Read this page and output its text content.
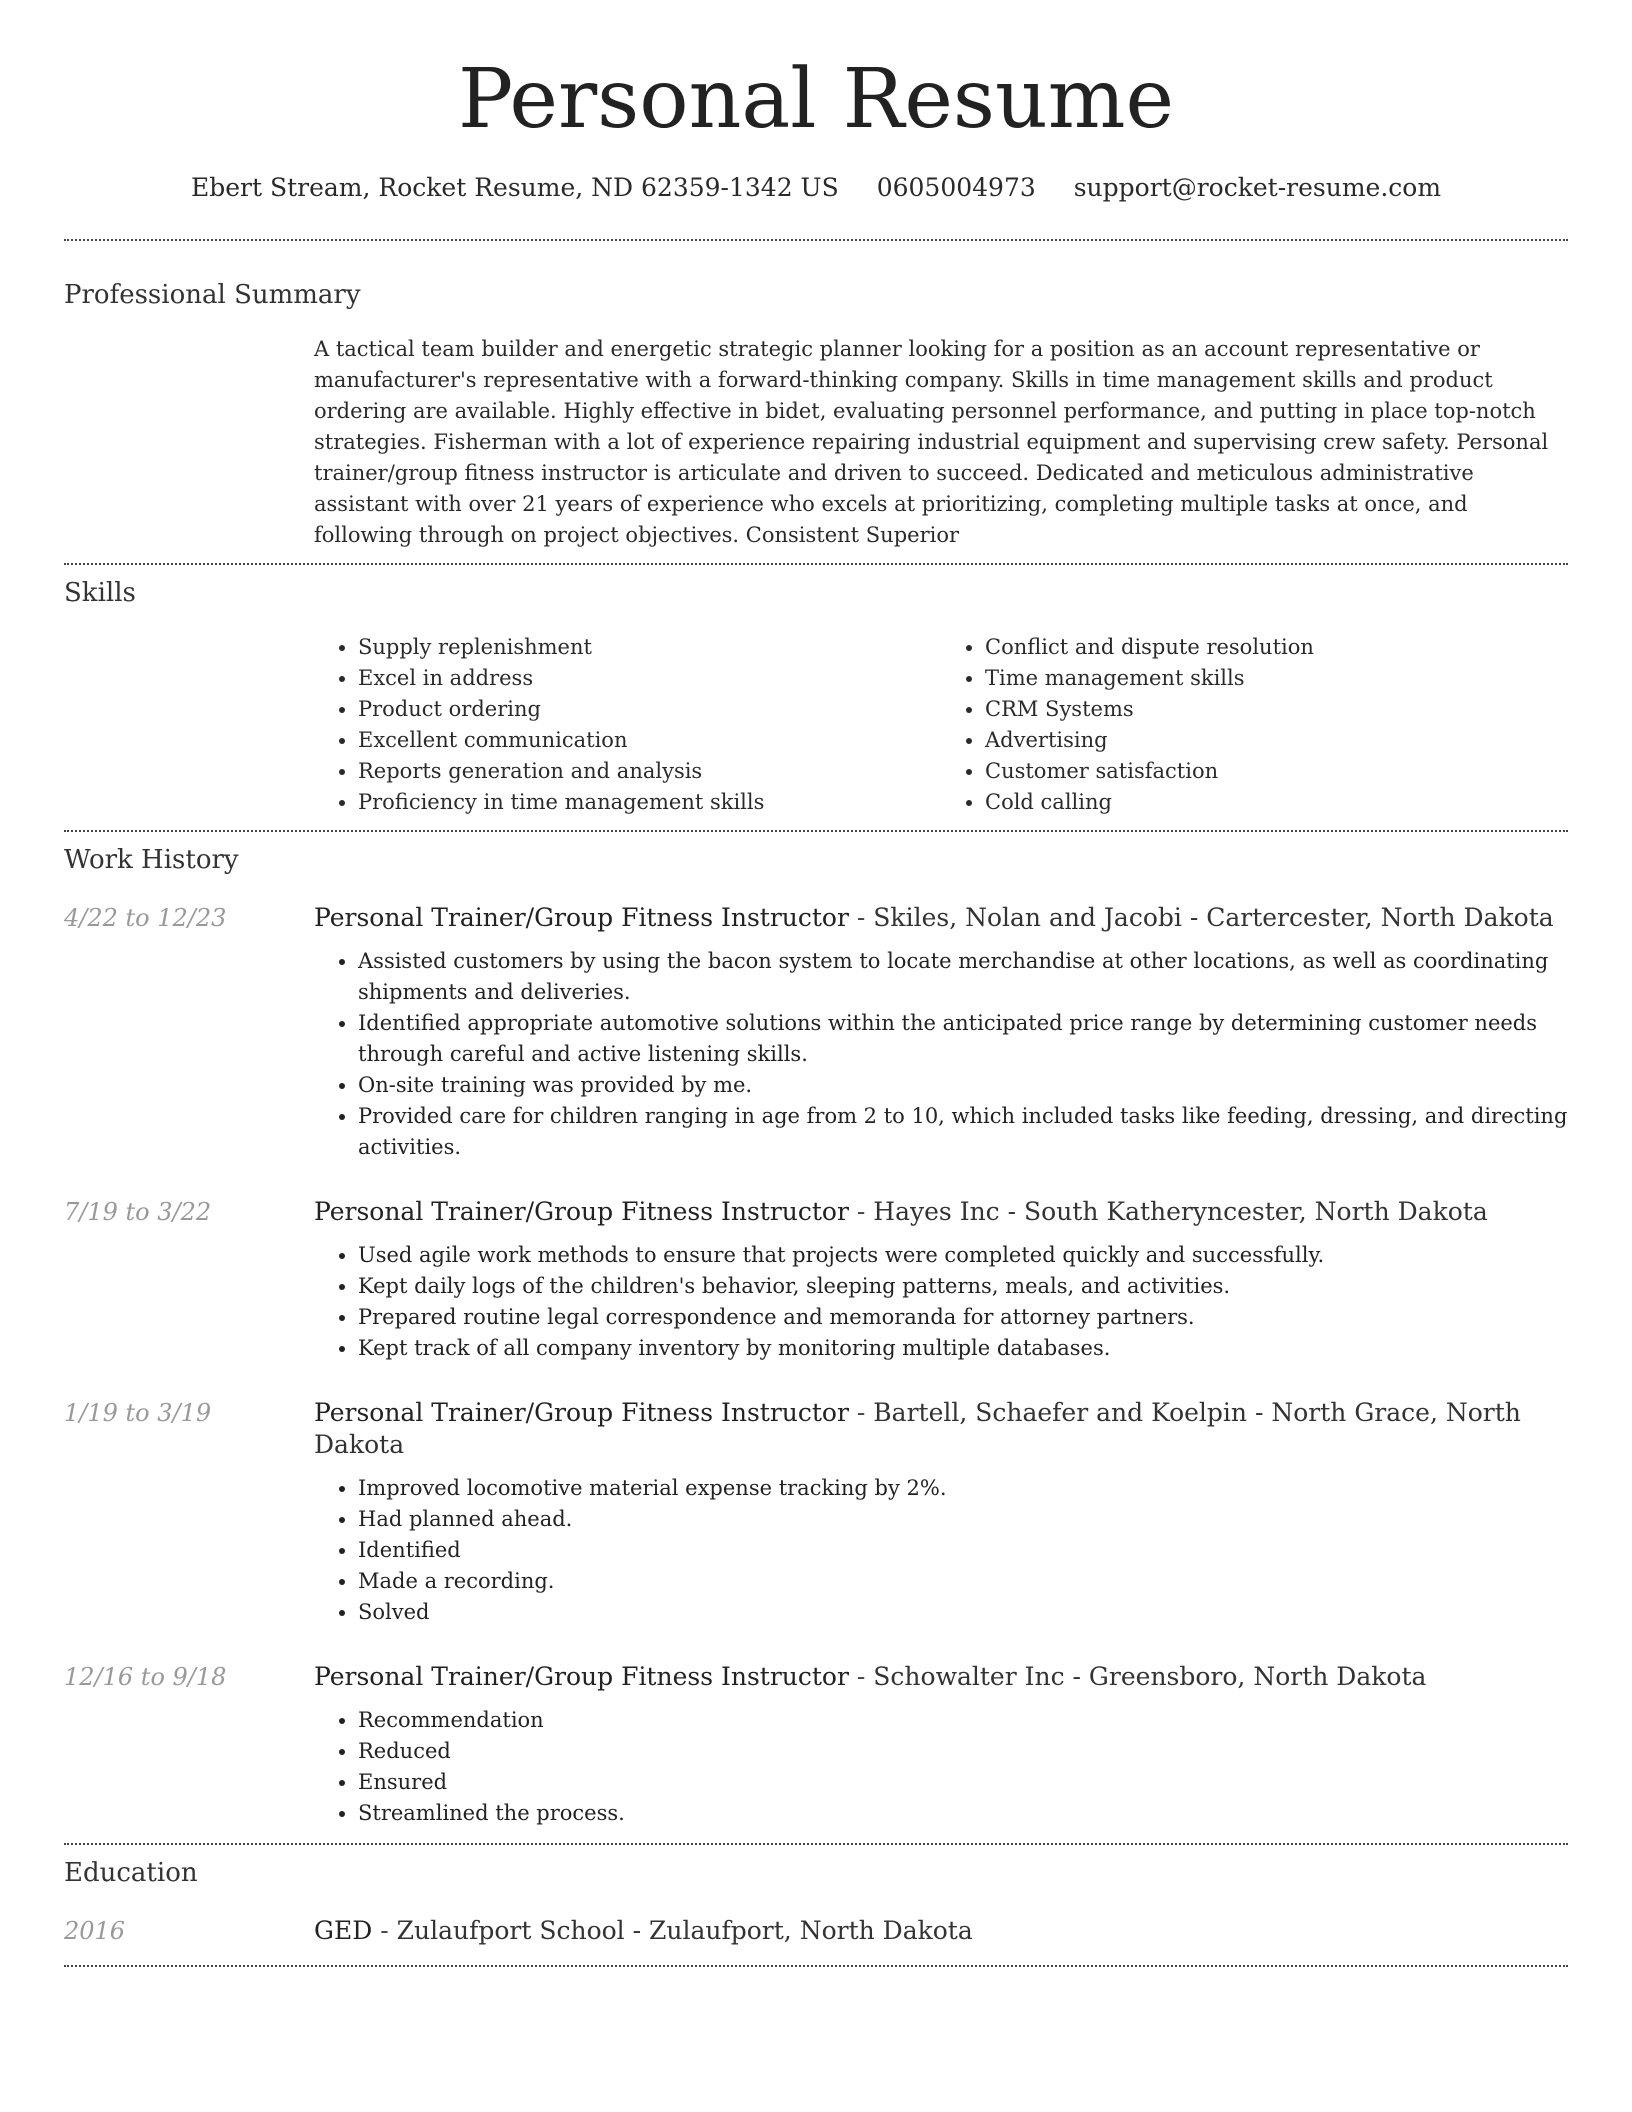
Personal Resume
Ebert Stream, Rocket Resume, ND 62359-1342 US 0605004973 support@rocket-resume.com
Professional Summary

A tactical team builder and energetic strategic planner looking for a position as an account representative or manufacturer's representative with a forward-thinking company. Skills in time management skills and product ordering are available. Highly effective in bidet, evaluating personnel performance, and putting in place top-notch strategies. Fisherman with a lot of experience repairing industrial equipment and supervising crew safety. Personal trainer/group fitness instructor is articulate and driven to succeed. Dedicated and meticulous administrative assistant with over 21 years of experience who excels at prioritizing, completing multiple tasks at once, and following through on project objectives. Consistent Superior

Skills
• Supply replenishment
• Excel in address
• Product ordering
• Excellent communication
• Reports generation and analysis
• Proficiency in time management skills
• Conflict and dispute resolution
• Time management skills
• CRM Systems
• Advertising
• Customer satisfaction
• Cold calling
Work History
4/22 to 12/23	Personal Trainer/Group Fitness Instructor - Skiles, Nolan and Jacobi - Cartercester, North Dakota
• Assisted customers by using the bacon system to locate merchandise at other locations, as well as coordinating shipments and deliveries.
• Identified appropriate automotive solutions within the anticipated price range by determining customer needs through careful and active listening skills.
• On-site training was provided by me.
• Provided care for children ranging in age from 2 to 10, which included tasks like feeding, dressing, and directing activities.
7/19 to 3/22	Personal Trainer/Group Fitness Instructor - Hayes Inc - South Katheryncester, North Dakota
• Used agile work methods to ensure that projects were completed quickly and successfully.
• Kept daily logs of the children's behavior, sleeping patterns, meals, and activities.
• Prepared routine legal correspondence and memoranda for attorney partners.
• Kept track of all company inventory by monitoring multiple databases.
1/19 to 3/19	Personal Trainer/Group Fitness Instructor - Bartell, Schaefer and Koelpin - North Grace, North Dakota
• Improved locomotive material expense tracking by 2%.
• Had planned ahead.
• Identified
• Made a recording.
• Solved
12/16 to 9/18	Personal Trainer/Group Fitness Instructor - Schowalter Inc - Greensboro, North Dakota
• Recommendation
• Reduced
• Ensured
• Streamlined the process.
Education
2016	GED - Zulaufport School - Zulaufport, North Dakota
